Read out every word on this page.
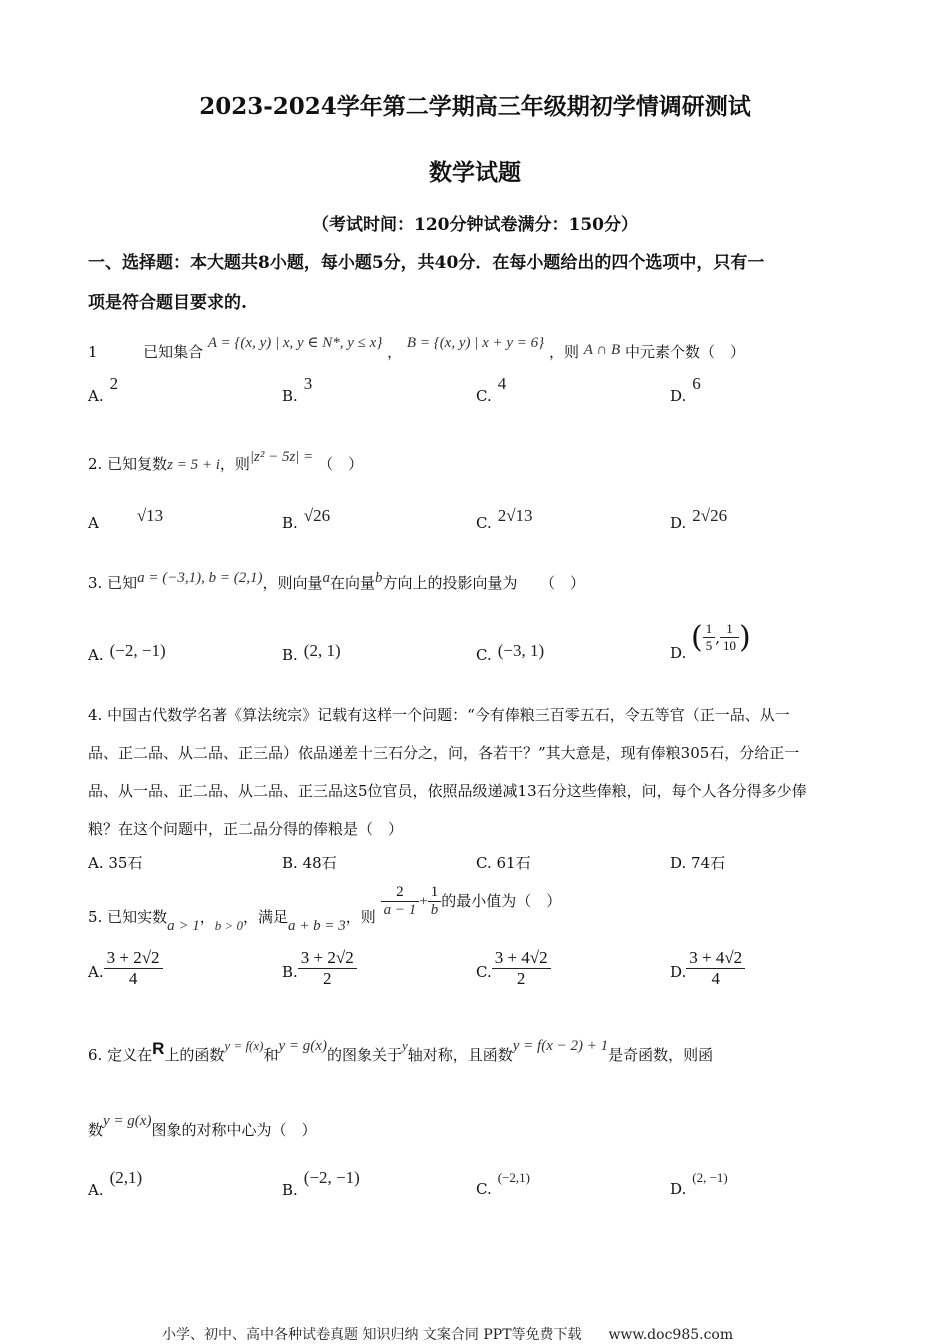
2023-2024学年第二学期高三年级期初学情调研测试
数学试题
（考试时间：120分钟试卷满分：150分）
一、选择题：本大题共8小题，每小题5分，共40分．在每小题给出的四个选项中，只有一
项是符合题目要求的.
1	已知集合 A = {(x, y) | x, y ∈ N*, y ≤ x} ， B = {(x, y) | x + y = 6} ，则 A ∩ B 中元素个数（　）
A.2
B.3
C.4
D.6
2. 已知复数z = 5 + i，则|z² − 5z| = （　）
A √13	B. √26	C. 2√13	D. 2√26
3. 已知a = (−3,1), b = (2,1)，则向量a在向量b方向上的投影向量为　　（　）
A. (−2, −1)	B. (2, 1)	C. (−3, 1)	D. ( $\frac{1}{5}$ , $\frac{1}{10}$ )
4. 中国古代数学名著《算法统宗》记载有这样一个问题：“今有俸粮三百零五石，令五等官（正一品、从一
品、正二品、从二品、正三品）依品递差十三石分之，问，各若干？”其大意是，现有俸粮305石，分给正一
品、从一品、正二品、从二品、正三品这5位官员，依照品级递减13石分这些俸粮，问，每个人各分得多少俸
粮？在这个问题中，正二品分得的俸粮是（　）
A. 35石	B. 48石	C. 61石	D. 74石
5. 已知实数a > 1，b > 0，满足a + b = 3，则 $\frac{2}{a - 1} + \frac{1}{b}$ 的最小值为（　）
A. $\frac{3 + 2√2}{4}$	B. $\frac{3 + 2√2}{2}$	C. $\frac{3 + 4√2}{2}$	D. $\frac{3 + 4√2}{4}$
6. 定义在R上的函数y = f(x)和y = g(x)的图象关于y轴对称，且函数y = f(x − 2) + 1是奇函数，则函
数y = g(x)图象的对称中心为（　）
A.(2,1)
B.(−2, −1)
C.(−2,1)
D.(2, −1)
小学、初中、高中各种试卷真题 知识归纳 文案合同 PPT等免费下载 www.doc985.com
